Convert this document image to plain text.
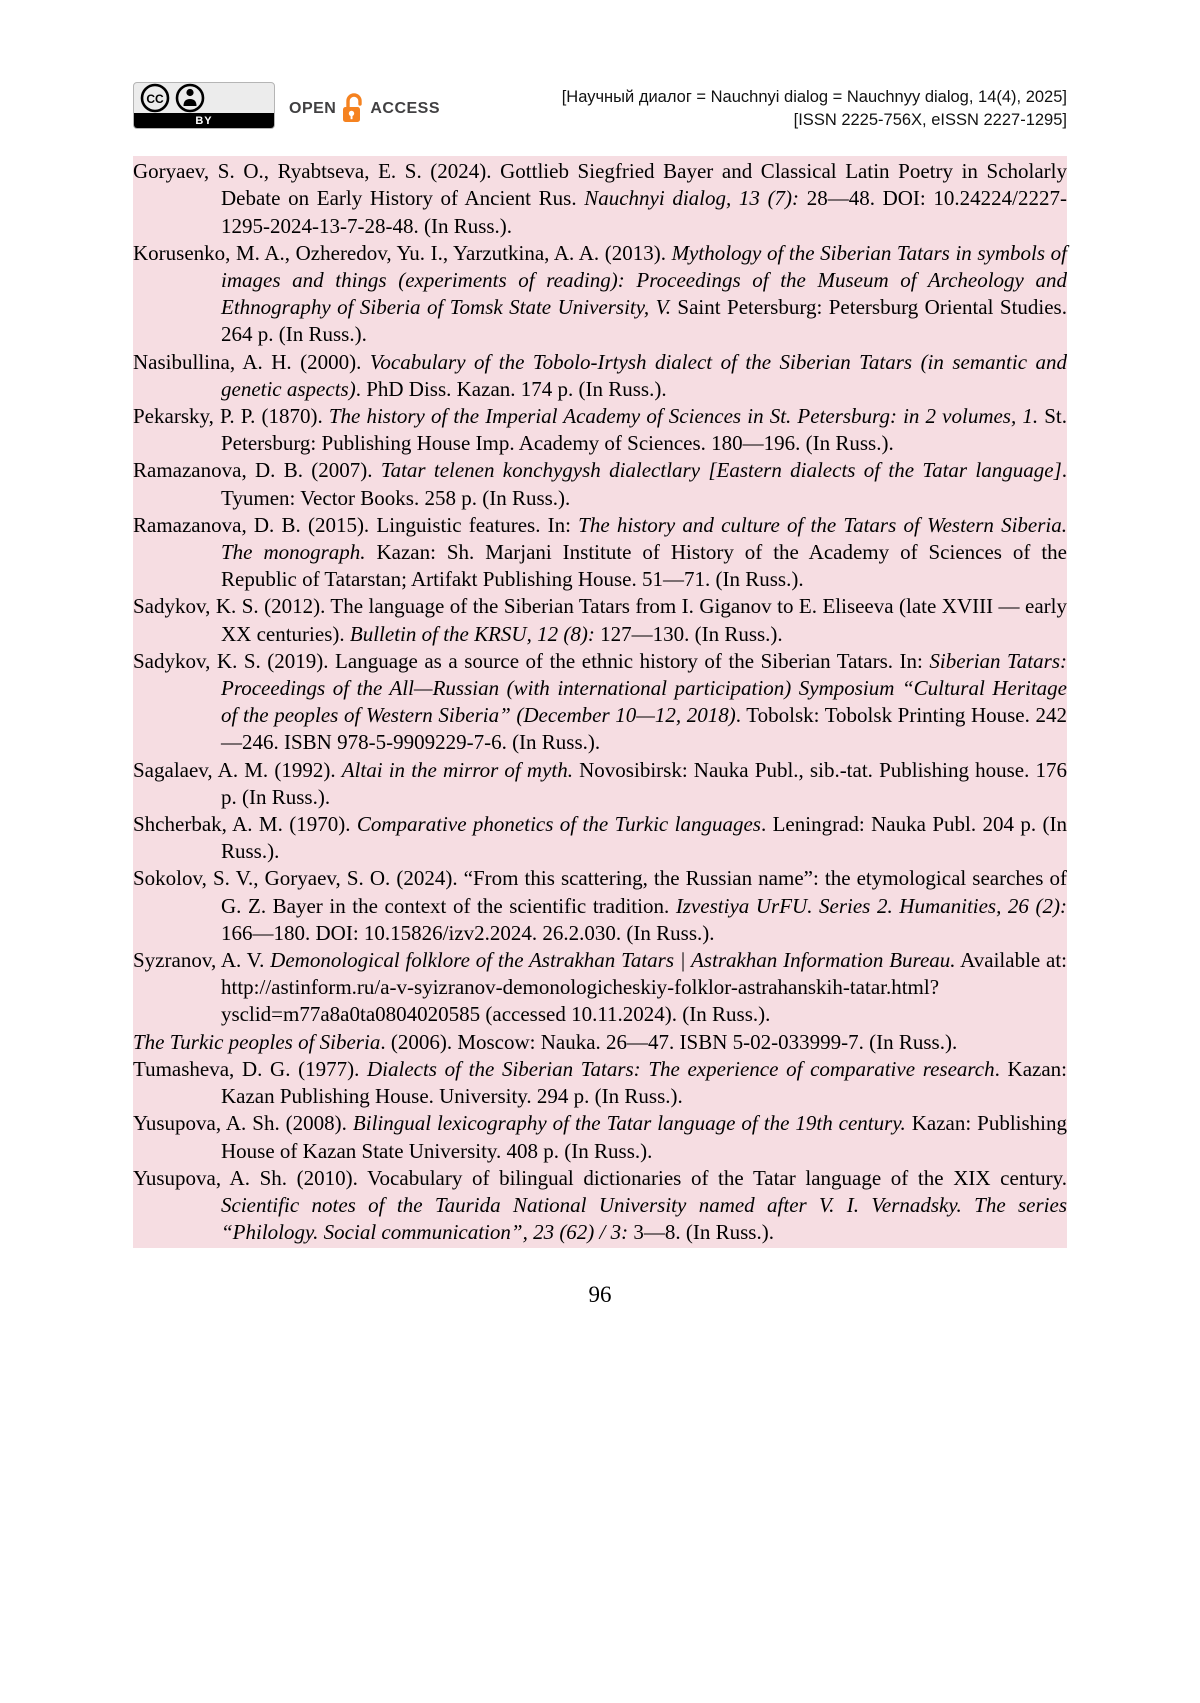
CC
BY
OPEN ACCESS
[Научный диалог = Nauchnyi dialog = Nauchnyy dialog, 14(4), 2025]
[ISSN 2225-756X, eISSN 2227-1295]

Goryaev, S. O., Ryabtseva, E. S. (2024). Gottlieb Siegfried Bayer and Classical Latin Poetry in Scholarly Debate on Early History of Ancient Rus. Nauchnyi dialog, 13 (7): 28—48. DOI: 10.24224/2227-1295-2024-13-7-28-48. (In Russ.).

Korusenko, M. A., Ozheredov, Yu. I., Yarzutkina, A. A. (2013). Mythology of the Siberian Tatars in symbols of images and things (experiments of reading): Proceedings of the Museum of Archeology and Ethnography of Siberia of Tomsk State University, V. Saint Petersburg: Petersburg Oriental Studies. 264 p. (In Russ.).

Nasibullina, A. H. (2000). Vocabulary of the Tobolo-Irtysh dialect of the Siberian Tatars (in semantic and genetic aspects). PhD Diss. Kazan. 174 p. (In Russ.).

Pekarsky, P. P. (1870). The history of the Imperial Academy of Sciences in St. Petersburg: in 2 volumes, 1. St. Petersburg: Publishing House Imp. Academy of Sciences. 180—196. (In Russ.).

Ramazanova, D. B. (2007). Tatar telenen konchygysh dialectlary [Eastern dialects of the Tatar language]. Tyumen: Vector Books. 258 p. (In Russ.).

Ramazanova, D. B. (2015). Linguistic features. In: The history and culture of the Tatars of Western Siberia. The monograph. Kazan: Sh. Marjani Institute of History of the Academy of Sciences of the Republic of Tatarstan; Artifakt Publishing House. 51—71. (In Russ.).

Sadykov, K. S. (2012). The language of the Siberian Tatars from I. Giganov to E. Eliseeva (late XVIII — early XX centuries). Bulletin of the KRSU, 12 (8): 127—130. (In Russ.).

Sadykov, K. S. (2019). Language as a source of the ethnic history of the Siberian Tatars. In: Siberian Tatars: Proceedings of the All—Russian (with international participation) Symposium “Cultural Heritage of the peoples of Western Siberia” (December 10—12, 2018). Tobolsk: Tobolsk Printing House. 242—246. ISBN 978-5-9909229-7-6. (In Russ.).

Sagalaev, A. M. (1992). Altai in the mirror of myth. Novosibirsk: Nauka Publ., sib.-tat. Publishing house. 176 p. (In Russ.).

Shcherbak, A. M. (1970). Comparative phonetics of the Turkic languages. Leningrad: Nauka Publ. 204 p. (In Russ.).

Sokolov, S. V., Goryaev, S. O. (2024). “From this scattering, the Russian name”: the etymological searches of G. Z. Bayer in the context of the scientific tradition. Izvestiya UrFU. Series 2. Humanities, 26 (2): 166—180. DOI: 10.15826/izv2.2024. 26.2.030. (In Russ.).

Syzranov, A. V. Demonological folklore of the Astrakhan Tatars | Astrakhan Information Bureau. Available at: http://astinform.ru/a-v-syizranov-demonologicheskiy-folklor-astrahanskih-tatar.html?ysclid=m77a8a0ta0804020585 (accessed 10.11.2024). (In Russ.).

The Turkic peoples of Siberia. (2006). Moscow: Nauka. 26—47. ISBN 5-02-033999-7. (In Russ.).

Tumasheva, D. G. (1977). Dialects of the Siberian Tatars: The experience of comparative research. Kazan: Kazan Publishing House. University. 294 p. (In Russ.).

Yusupova, A. Sh. (2008). Bilingual lexicography of the Tatar language of the 19th century. Kazan: Publishing House of Kazan State University. 408 p. (In Russ.).

Yusupova, A. Sh. (2010). Vocabulary of bilingual dictionaries of the Tatar language of the XIX century. Scientific notes of the Taurida National University named after V. I. Vernadsky. The series “Philology. Social communication”, 23 (62) / 3: 3—8. (In Russ.).

96
